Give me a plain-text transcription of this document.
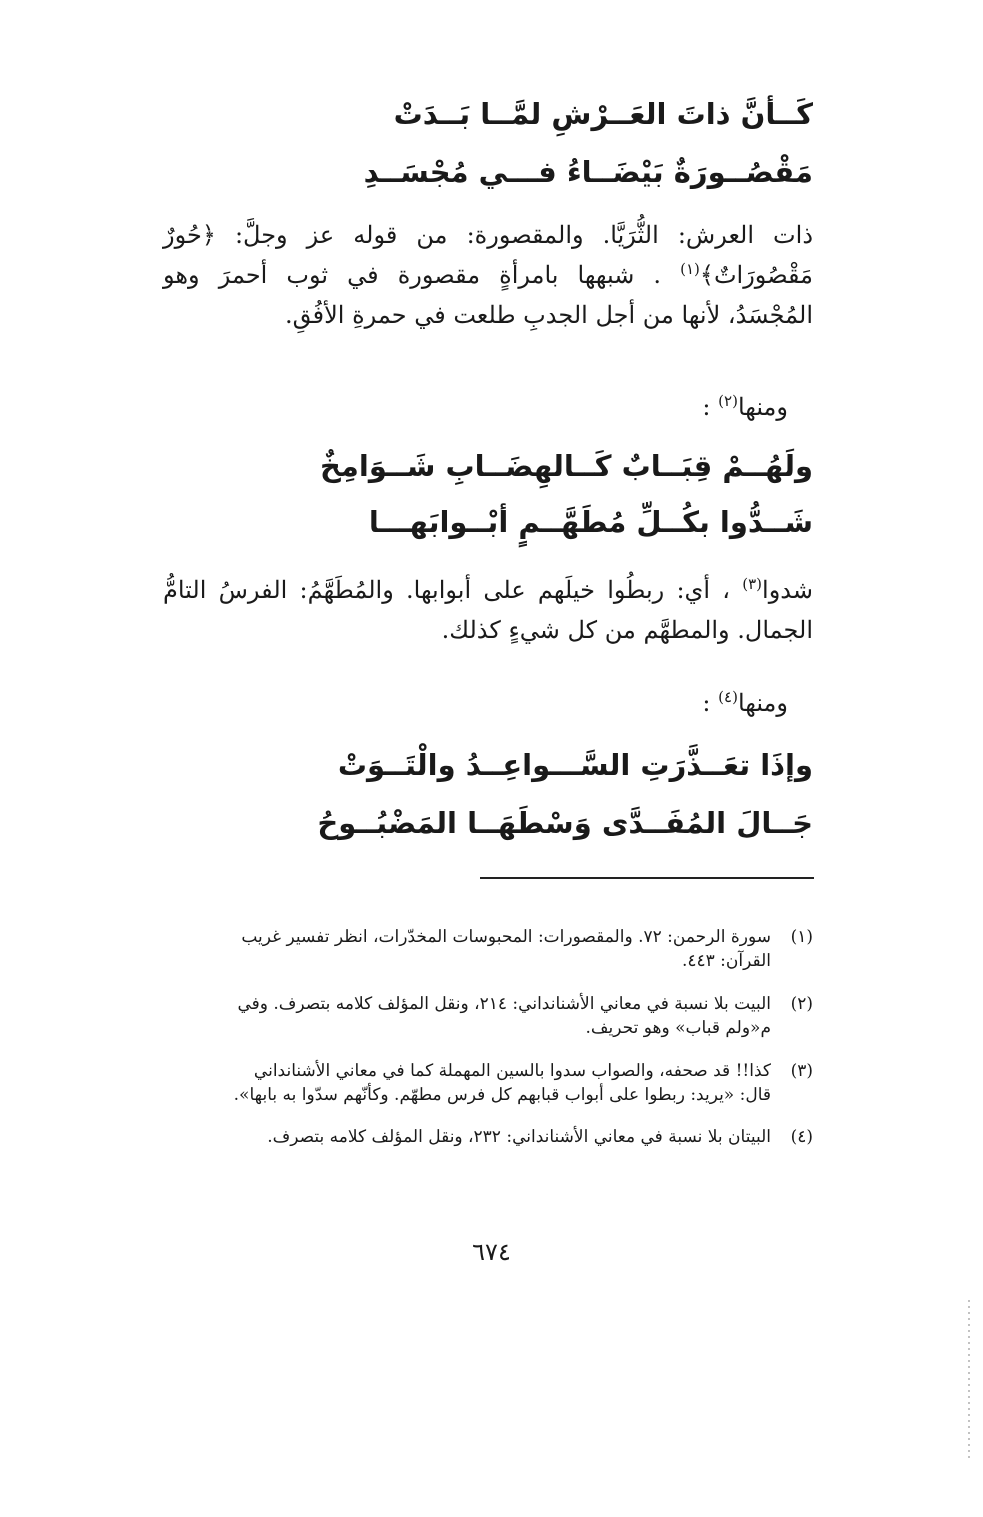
كَــأنَّ ذاتَ العَــرْشِ لمَّــا بَــدَتْ
مَقْصُــورَةٌ بَيْضَــاءُ فـــي مُجْسَــدِ
ذات العرش: الثُّرَيَّا. والمقصورة: من قوله عز وجلَّ: ﴿حُورٌ مَقْصُورَاتٌ﴾$^{(١)}$ . شبهها بامرأةٍ مقصورة في ثوب أحمرَ وهو المُجْسَدُ، لأنها من أجل الجدبِ طلعت في حمرةِ الأفُقِ.
ومنها$^{(٢)}$ :
ولَهُــمْ قِبَــابٌ كَــالهِضَــابِ شَــوَامِخٌ
شَــدُّوا بكُــلِّ مُطَهَّــمٍ أبْــوابَهـــا
شدوا$^{(٣)}$ ، أي: ربطُوا خيلَهم على أبوابها. والمُطَهَّمُ: الفرسُ التامُّ الجمال. والمطهَّم من كل شيءٍ كذلك.
ومنها$^{(٤)}$ :
وإذَا تعَــذَّرَتِ السَّـــواعِــدُ والْتَــوَتْ
جَــالَ المُفَــدَّى وَسْطَهَــا المَضْبُــوحُ
(١)سورة الرحمن: ٧٢. والمقصورات: المحبوسات المخدّرات، انظر تفسير غريب
القرآن: ٤٤٣.
(٢)البيت بلا نسبة في معاني الأشنانداني: ٢١٤، ونقل المؤلف كلامه بتصرف. وفي
م«ولم قباب» وهو تحريف.
(٣)كذا!! قد صحفه، والصواب سدوا بالسين المهملة كما في معاني الأشنانداني
قال: «يريد: ربطوا على أبواب قبابهم كل فرس مطهّم. وكأنّهم سدّوا به بابها».
(٤)البيتان بلا نسبة في معاني الأشنانداني: ٢٣٢، ونقل المؤلف كلامه بتصرف.
٦٧٤
